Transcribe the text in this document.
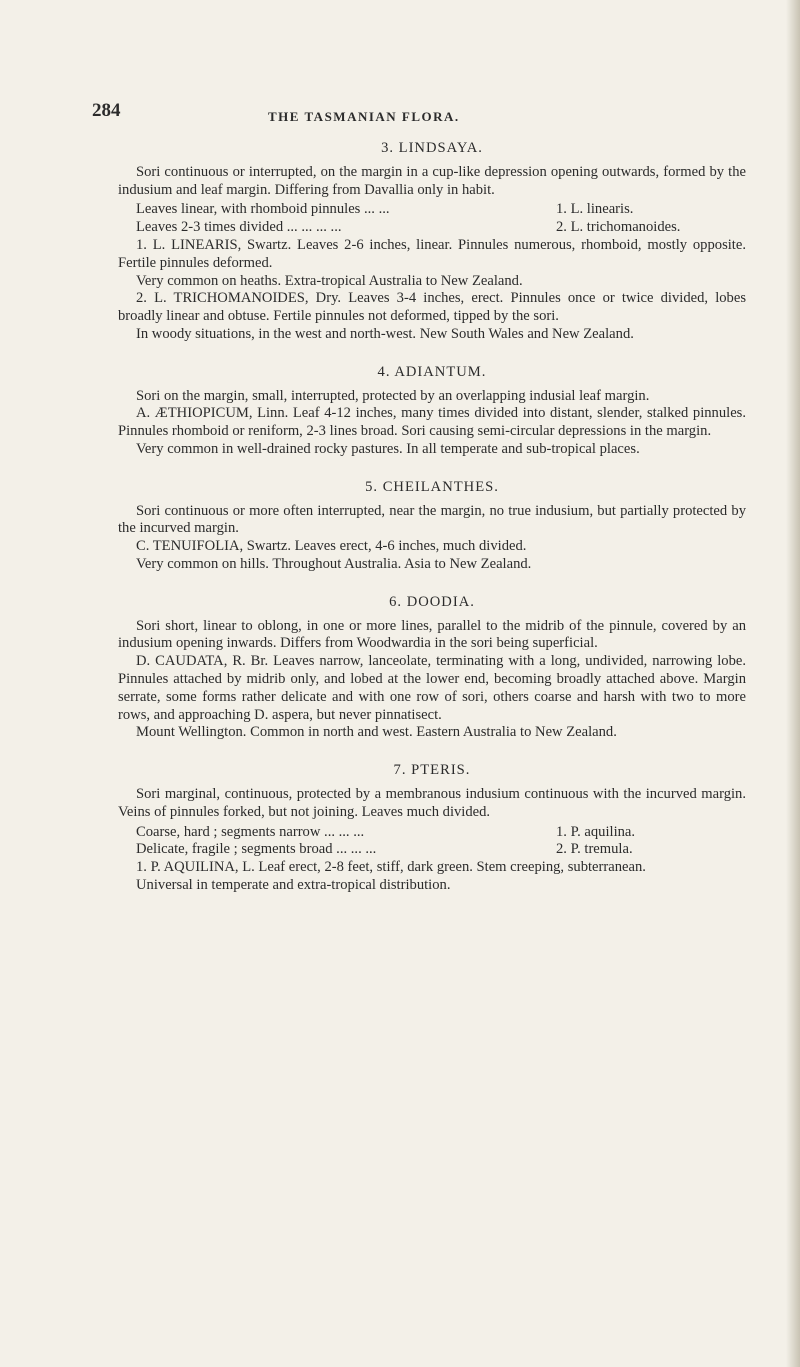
284	THE TASMANIAN FLORA.
3. LINDSAYA.

Sori continuous or interrupted, on the margin in a cup-like depression opening outwards, formed by the indusium and leaf margin. Differing from Davallia only in habit.

Leaves linear, with rhomboid pinnules ... ...	1. L. linearis.
Leaves 2-3 times divided ... ... ... ...	2. L. trichomanoides.

1. L. LINEARIS, Swartz. Leaves 2-6 inches, linear. Pinnules numerous, rhomboid, mostly opposite. Fertile pinnules deformed.

Very common on heaths. Extra-tropical Australia to New Zealand.

2. L. TRICHOMANOIDES, Dry. Leaves 3-4 inches, erect. Pinnules once or twice divided, lobes broadly linear and obtuse. Fertile pinnules not deformed, tipped by the sori.

In woody situations, in the west and north-west. New South Wales and New Zealand.

4. ADIANTUM.

Sori on the margin, small, interrupted, protected by an overlapping indusial leaf margin.

A. ÆTHIOPICUM, Linn. Leaf 4-12 inches, many times divided into distant, slender, stalked pinnules. Pinnules rhomboid or reniform, 2-3 lines broad. Sori causing semi-circular depressions in the margin.

Very common in well-drained rocky pastures. In all temperate and sub-tropical places.

5. CHEILANTHES.

Sori continuous or more often interrupted, near the margin, no true indusium, but partially protected by the incurved margin.

C. TENUIFOLIA, Swartz. Leaves erect, 4-6 inches, much divided.

Very common on hills. Throughout Australia. Asia to New Zealand.

6. DOODIA.

Sori short, linear to oblong, in one or more lines, parallel to the midrib of the pinnule, covered by an indusium opening inwards. Differs from Woodwardia in the sori being superficial.

D. CAUDATA, R. Br. Leaves narrow, lanceolate, terminating with a long, undivided, narrowing lobe. Pinnules attached by midrib only, and lobed at the lower end, becoming broadly attached above. Margin serrate, some forms rather delicate and with one row of sori, others coarse and harsh with two to more rows, and approaching D. aspera, but never pinnatisect.

Mount Wellington. Common in north and west. Eastern Australia to New Zealand.

7. PTERIS.

Sori marginal, continuous, protected by a membranous indusium continuous with the incurved margin. Veins of pinnules forked, but not joining. Leaves much divided.

Coarse, hard ; segments narrow ... ... ...	1. P. aquilina.
Delicate, fragile ; segments broad ... ... ...	2. P. tremula.

1. P. AQUILINA, L. Leaf erect, 2-8 feet, stiff, dark green. Stem creeping, subterranean.

Universal in temperate and extra-tropical distribution.
